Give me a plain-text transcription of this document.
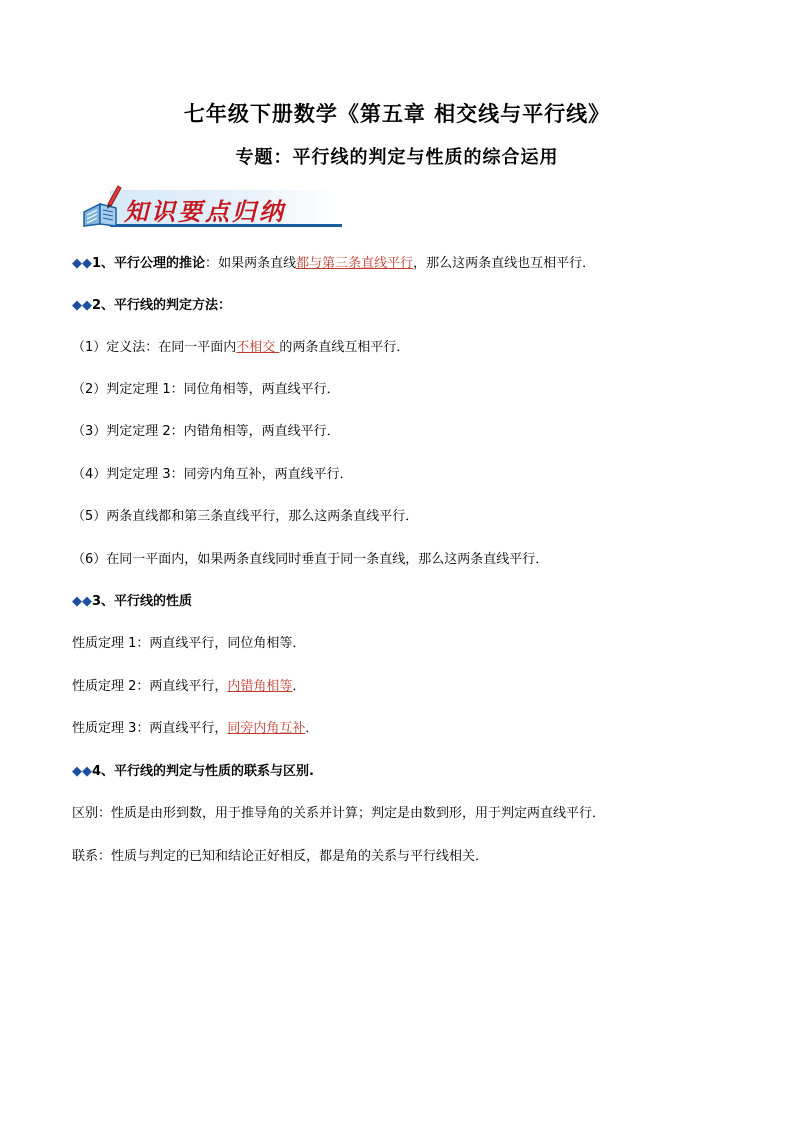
七年级下册数学《第五章 相交线与平行线》
专题：平行线的判定与性质的综合运用
知识要点归纳
◆◆1、平行公理的推论：如果两条直线都与第三条直线平行，那么这两条直线也互相平行．
◆◆2、平行线的判定方法：
（1）定义法：在同一平面内不相交 的两条直线互相平行．
（2）判定定理 1：同位角相等，两直线平行．
（3）判定定理 2：内错角相等，两直线平行．
（4）判定定理 3：同旁内角互补，两直线平行．
（5）两条直线都和第三条直线平行，那么这两条直线平行．
（6）在同一平面内，如果两条直线同时垂直于同一条直线，那么这两条直线平行．
◆◆3、平行线的性质
性质定理 1：两直线平行，同位角相等．
性质定理 2：两直线平行，内错角相等．
性质定理 3：两直线平行，同旁内角互补．
◆◆4、平行线的判定与性质的联系与区别.
区别：性质是由形到数，用于推导角的关系并计算；判定是由数到形，用于判定两直线平行．
联系：性质与判定的已知和结论正好相反，都是角的关系与平行线相关．
